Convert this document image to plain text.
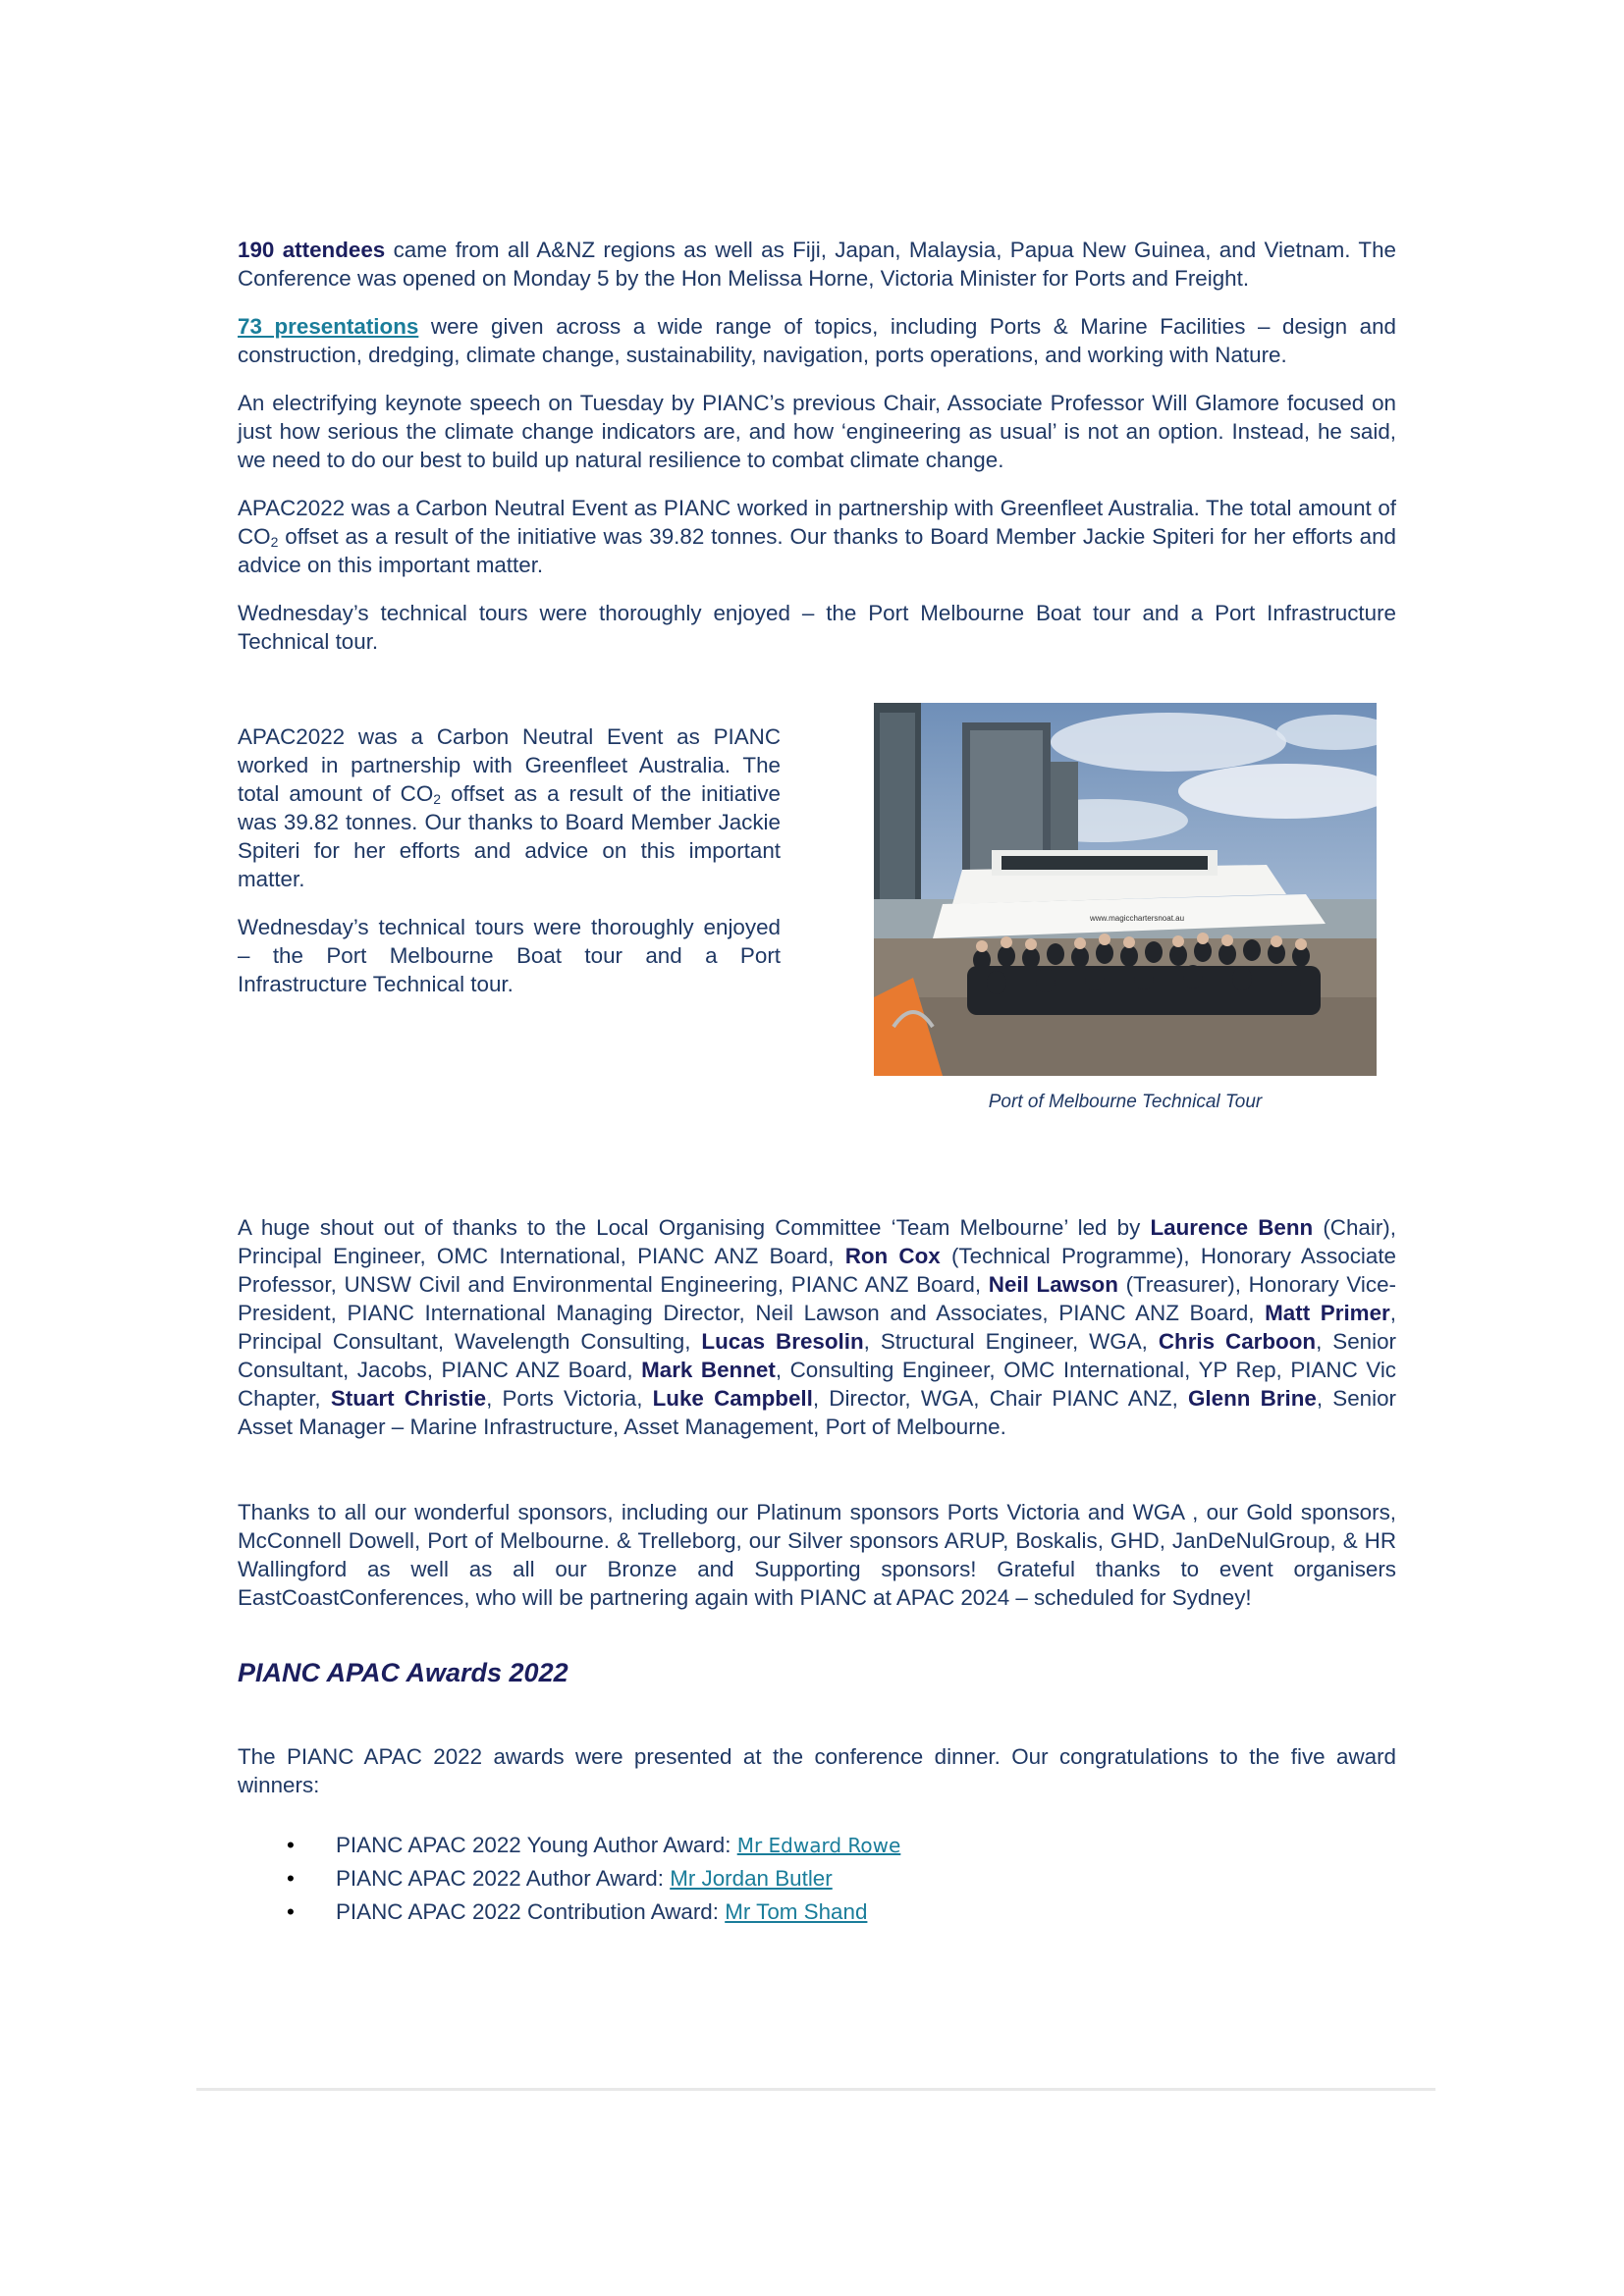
190 attendees came from all A&NZ regions as well as Fiji, Japan, Malaysia, Papua New Guinea, and Vietnam. The Conference was opened on Monday 5 by the Hon Melissa Horne, Victoria Minister for Ports and Freight.

73 presentations were given across a wide range of topics, including Ports & Marine Facilities – design and construction, dredging, climate change, sustainability, navigation, ports operations, and working with Nature.

An electrifying keynote speech on Tuesday by PIANC’s previous Chair, Associate Professor Will Glamore focused on just how serious the climate change indicators are, and how ‘engineering as usual’ is not an option. Instead, he said, we need to do our best to build up natural resilience to combat climate change.

APAC2022 was a Carbon Neutral Event as PIANC worked in partnership with Greenfleet Australia. The total amount of $CO_2$ offset as a result of the initiative was 39.82 tonnes. Our thanks to Board Member Jackie Spiteri for her efforts and advice on this important matter.

Wednesday’s technical tours were thoroughly enjoyed – the Port Melbourne Boat tour and a Port Infrastructure Technical tour.

APAC2022 was a Carbon Neutral Event as PIANC worked in partnership with Greenfleet Australia. The total amount of $CO_2$ offset as a result of the initiative was 39.82 tonnes. Our thanks to Board Member Jackie Spiteri for her efforts and advice on this important matter.

Wednesday’s technical tours were thoroughly enjoyed – the Port Melbourne Boat tour and a Port Infrastructure Technical tour.

www.magicchartersnoat.au
Port of Melbourne Technical Tour

A huge shout out of thanks to the Local Organising Committee ‘Team Melbourne’ led by Laurence Benn (Chair), Principal Engineer, OMC International, PIANC ANZ Board, Ron Cox (Technical Programme), Honorary Associate Professor, UNSW Civil and Environmental Engineering, PIANC ANZ Board, Neil Lawson (Treasurer), Honorary Vice-President, PIANC International Managing Director, Neil Lawson and Associates, PIANC ANZ Board, Matt Primer, Principal Consultant, Wavelength Consulting, Lucas Bresolin, Structural Engineer, WGA, Chris Carboon, Senior Consultant, Jacobs, PIANC ANZ Board, Mark Bennet, Consulting Engineer, OMC International, YP Rep, PIANC Vic Chapter, Stuart Christie, Ports Victoria, Luke Campbell, Director, WGA, Chair PIANC ANZ, Glenn Brine, Senior Asset Manager – Marine Infrastructure, Asset Management, Port of Melbourne.

Thanks to all our wonderful sponsors, including our Platinum sponsors Ports Victoria and WGA , our Gold sponsors, McConnell Dowell, Port of Melbourne. & Trelleborg, our Silver sponsors ARUP, Boskalis, GHD, JanDeNulGroup, & HR Wallingford as well as all our Bronze and Supporting sponsors! Grateful thanks to event organisers EastCoastConferences, who will be partnering again with PIANC at APAC 2024 – scheduled for Sydney!

PIANC APAC Awards 2022

The PIANC APAC 2022 awards were presented at the conference dinner. Our congratulations to the five award winners:

• PIANC APAC 2022 Young Author Award: Mr Edward Rowe
• PIANC APAC 2022 Author Award: Mr Jordan Butler
• PIANC APAC 2022 Contribution Award: Mr Tom Shand
